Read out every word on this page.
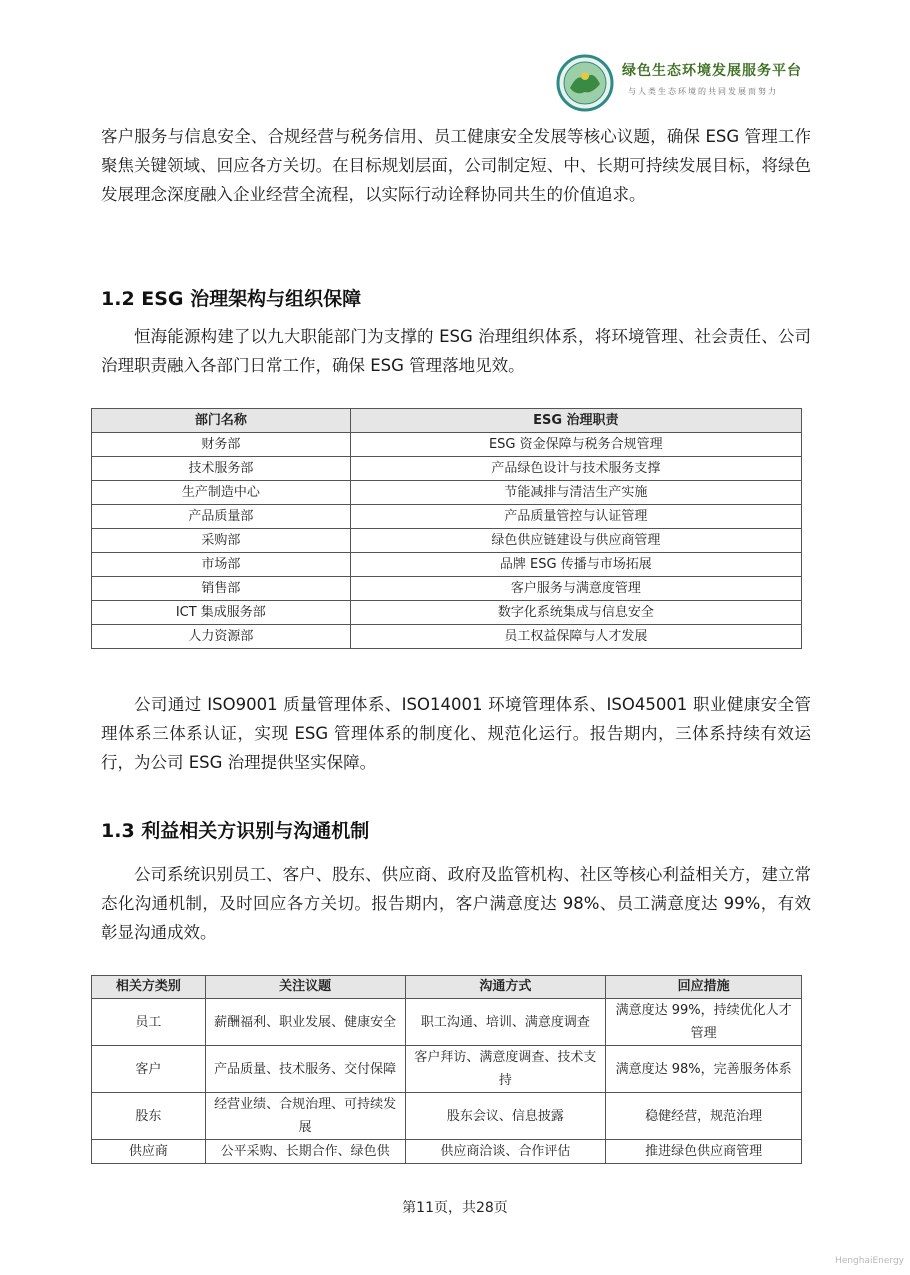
绿色生态环境发展服务平台
与人类生态环境的共同发展而努力

客户服务与信息安全、合规经营与税务信用、员工健康安全发展等核心议题，确保 ESG 管理工作聚焦关键领域、回应各方关切。在目标规划层面，公司制定短、中、长期可持续发展目标，将绿色发展理念深度融入企业经营全流程，以实际行动诠释协同共生的价值追求。

1.2 ESG 治理架构与组织保障

恒海能源构建了以九大职能部门为支撑的 ESG 治理组织体系，将环境管理、社会责任、公司治理职责融入各部门日常工作，确保 ESG 管理落地见效。

部门名称	ESG 治理职责
财务部	ESG 资金保障与税务合规管理
技术服务部	产品绿色设计与技术服务支撑
生产制造中心	节能减排与清洁生产实施
产品质量部	产品质量管控与认证管理
采购部	绿色供应链建设与供应商管理
市场部	品牌 ESG 传播与市场拓展
销售部	客户服务与满意度管理
ICT 集成服务部	数字化系统集成与信息安全
人力资源部	员工权益保障与人才发展

公司通过 ISO9001 质量管理体系、ISO14001 环境管理体系、ISO45001 职业健康安全管理体系三体系认证，实现 ESG 管理体系的制度化、规范化运行。报告期内，三体系持续有效运行，为公司 ESG 治理提供坚实保障。

1.3 利益相关方识别与沟通机制

公司系统识别员工、客户、股东、供应商、政府及监管机构、社区等核心利益相关方，建立常态化沟通机制，及时回应各方关切。报告期内，客户满意度达 98%、员工满意度达 99%，有效彰显沟通成效。

相关方类别	关注议题	沟通方式	回应措施
员工	薪酬福利、职业发展、健康安全	职工沟通、培训、满意度调查	满意度达 99%，持续优化人才管理
客户	产品质量、技术服务、交付保障	客户拜访、满意度调查、技术支持	满意度达 98%，完善服务体系
股东	经营业绩、合规治理、可持续发展	股东会议、信息披露	稳健经营，规范治理
供应商	公平采购、长期合作、绿色供	供应商洽谈、合作评估	推进绿色供应商管理
第11页，共28页
HenghaiEnergy
